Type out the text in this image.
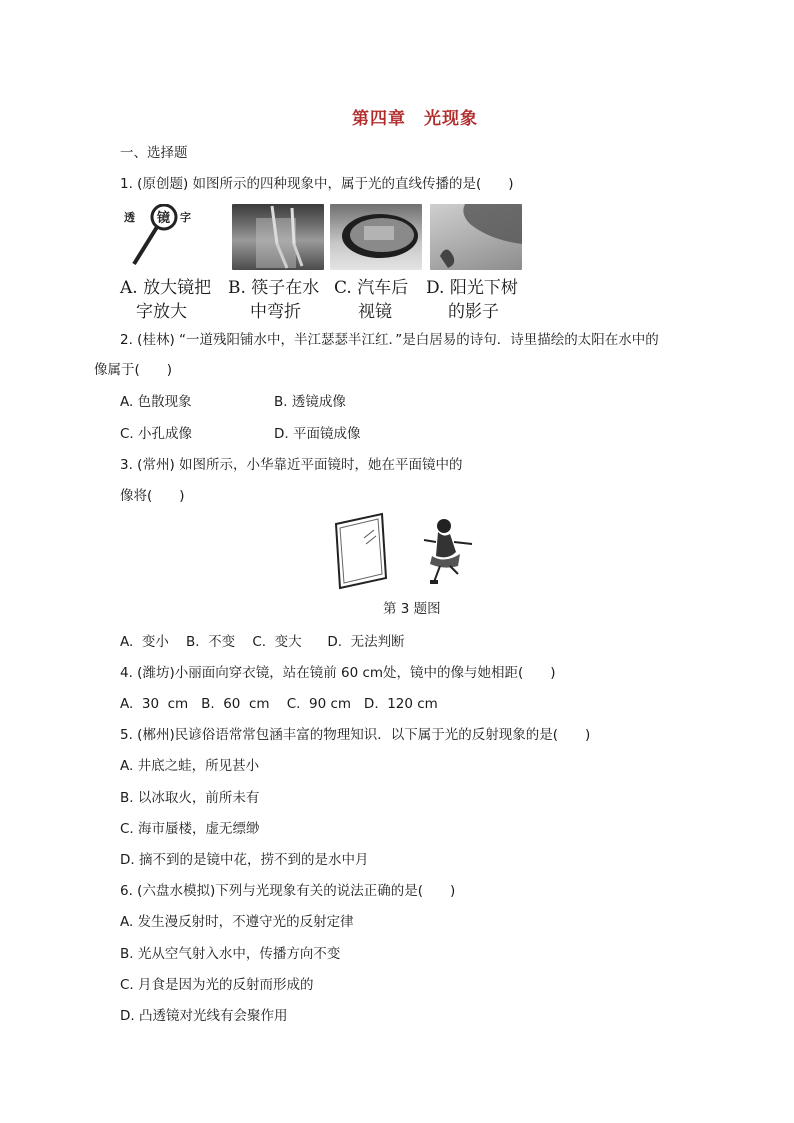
第四章　光现象
一、选择题
1. (原创题) 如图所示的四种现象中，属于光的直线传播的是(　　)
透 镜 字
A. 放大镜把
字放大
B. 筷子在水
中弯折
C. 汽车后
视镜
D. 阳光下树
的影子
2. (桂林) “一道残阳铺水中，半江瑟瑟半江红．”是白居易的诗句．诗里描绘的太阳在水中的
像属于(　　)
A. 色散现象	B. 透镜成像
C. 小孔成像	D. 平面镜成像
3. (常州) 如图所示，小华靠近平面镜时，她在平面镜中的
像将(　　)
第 3 题图
A.  变小    B.  不变    C.  变大      D.  无法判断
4. (潍坊)小丽面向穿衣镜，站在镜前 60 cm处，镜中的像与她相距(　　)
A.  30  cm   B.  60  cm    C.  90 cm   D.  120 cm
5. (郴州)民谚俗语常常包涵丰富的物理知识．以下属于光的反射现象的是(　　)
A. 井底之蛙，所见甚小
B. 以冰取火，前所未有
C. 海市蜃楼，虚无缥缈
D. 摘不到的是镜中花，捞不到的是水中月
6. (六盘水模拟)下列与光现象有关的说法正确的是(　　)
A. 发生漫反射时，不遵守光的反射定律
B. 光从空气射入水中，传播方向不变
C. 月食是因为光的反射而形成的
D. 凸透镜对光线有会聚作用
